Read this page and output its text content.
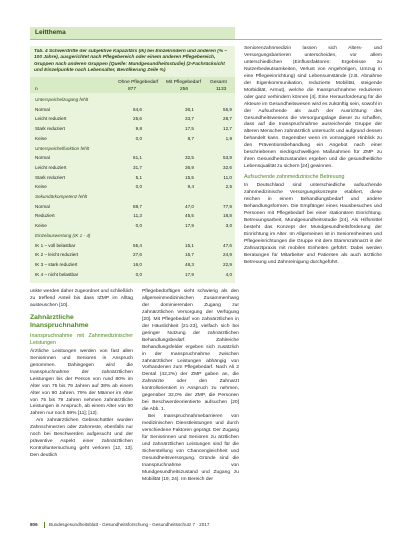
Leitthema
Tab. 4 Schwerdritte der subjektive Kapazitärs (Ik) bei Einzelrindern und anderen (% – 100 Jahre), ausgerichtet nach Pflegebereich oder einem anderen Pflegebereich, Gruppen nach anderen Gruppen (Quelle: Mundgesundheitsstudie) (2-Fachrücksicht und Einzelpunkte nach Lebensalter, Bevölkerung Zeile %)
Ohne Pflegebedarf Mit Pflegebedarf Gesamt
n	877	256	1133
Unterspeichelzugang fehlt
Normal	64,6	36,1	55,9
Leicht reduziert	25,6	33,7	28,7
Stark reduziert	9,8	17,5	12,7
Keine	0,0	8,7	1,9
Unterspeichelfunktion fehlt
Normal	61,1	32,5	53,9
Leicht reduziert	31,7	36,9	32,6
Stark reduziert	5,1	15,5	11,0
Keine	0,0	9,4	2,5
Sekundärkompetenz fehlt
Normal	88,7	47,0	77,9
Reduziert	11,3	45,5	18,8
Keine	0,0	17,9	3,0
Einzelauswertung (IK 1 - 4)
IK 1 – voll belastbar	55,4	15,1	47,6
IK 2 – leicht reduziert	27,6	15,7	24,9
IK 3 – stark reduziert	16,0	48,3	22,9
IK 4 – nicht belastbar	0,0	17,9	4,0

unkte werden daher zugeordnet und schließlich zu treffend Anteil bis dass IZMP im Alltag austeuschen [10].

Zahnärztliche Inanspruchnahme
Inanspruchnahme mit Zahnmedizinischer Leistungen

Ärztliche Leistungen werden von fast allen Seniorinnen und Senioren in Anspruch genommen. Dahingegen wird die Inanspruchnahme der zahnärztlichen Leistungen bis der Person von rund 80% im Alter von 75 bis 79 Jahren auf 38% ab einem Alter von 90 Jahren. 79% der Männer im Alter von 75 bis 79 Jahren nehmen zahnärztliche Leistungen in Anspruch, ab einem Alter von 90 Jahren nur noch 59% [11]; [12].

Am zahnärztlichen Gebisschüttler wurden Zahnschmerzen oder Zahnreste, ebenfalls nur noch bei Beschwerden aufgesucht und der präventive Aspekt einer zahnärztlichen Kontrolluntersuchung geht verloren [12, 13]. Den deutlich

Pflegebedürftigen sieht schwierig als den allgemeinmedizinischen Zusammenhang der dominierenden Zugang zur zahnärztlichen Versorgung der Verfügung [20]. Mit Pflegebedarf von zahnärztlichen in der Häuslichkeit [21-23], vielfach sich bei geringer Nutzung der zahnärztlichen Behandlungsbedarf. Zahlreiche Behandlungsfelder ergeben sich zusätzlich in der Inanspruchnahme zwischen zahnärztlicher Leistungen abhängig von Vorhandenen zum Pflegebedarf. Nach Ali 2 Dental (42,2%) der ZMP gaben an, die Zahnärzte oder den Zahnarzt kontrollorientiert in Anspruch zu nehmen, gegenüber 32,0% der ZMP, die Personen bei Beschwerdeorientierte aufsuchen [20] die Abb. 1.

Bei Inanspruchnahmebarrieren von medizinischen Dienstleistungen und durch verschiedene Faktoren geprägt. Der Zugang für Seniorinnen und Senioren zu ärztlichen und zahnärztlichen Leistungen sind für die Sicherstellung von Chancengleichheit und Gesundheitsversorgung. Gründe sind die Inanspruchnahme von Mundgesundheitszustand und Zugang zu Mobilität (19, 24). Im Bereich der

Seniorenzahnmedizin lassen sich Alters- und Versorgungsbarrieren unterscheiden, vor allem unterschiedlichen (Einflussfaktoren: Ergebnisse zu Nutzerbedeutsamkeiten, Verlust von Angehörigen, Umzug in eine Pflegeeinrichtung) sind Lebensumstände (z.B. Abnahme der Eigenkommunikation, reduzierte Mobilität, steigende Morbidität, Armut), welche die Inanspruchnahme reduzieren oder ganz verhindern können [4]. Eine Herausforderung für die Akteure im Gesundheitswesen wird es zukünftig sein, sowohl in der Aufsuchende als auch der Ausrichtung des Gesundheitswesens die Versorgungslage dieser zu schaffen, dass auf die Inanspruchnahme ausreichende Gruppe der älteren Menschen zahnärztlich untersucht und aufgrund dessen behandelt kann. Gegenüber wenn im vorrangigen Hinblick zu den Präventionsbehandlung ein Angebot nach einer beschriebenen niedrigschwelligen Maßnahmen für ZMP zu ihren Gesundheitszustandes ergeben und die gesundheitliche Lebensqualität zu sichern [24] gewinnen.

Aufsuchende zahnmedizinische Betreuung

In Deutschland sind unterschiedliche aufsuchende zahnmedizinische Versorgungskonzepte etabliert, diese reichen in einem Behandlungsbedarf und andere Behandlungsformen. Die Empfänger eines Hausbesuches und Personen mit Pflegebedarf bei einer stationären Einrichtung. Betreuungsarbeit, Mundgesundheitsstudie [24]. Als Hilfsmittel besteht das Konzept der Mundgesundheitsförderung der Einrichtung im Alter. Im Allgemeinen ist in Seniorenheimen und Pflegeeinrichtungen die Gruppe mit dem Stammzahnarzt in der Zahnarztpraxis mit mobilen Einheiten geführt. Dabei werden Beratungen für Mitarbeiter und Patienten als auch ärztliche Betreuung und Zahnreinigung durchgeführt.

806 Bundesgesundheitsblatt - Gesundheitsforschung - Gesundheitsschutz 7 · 2017
